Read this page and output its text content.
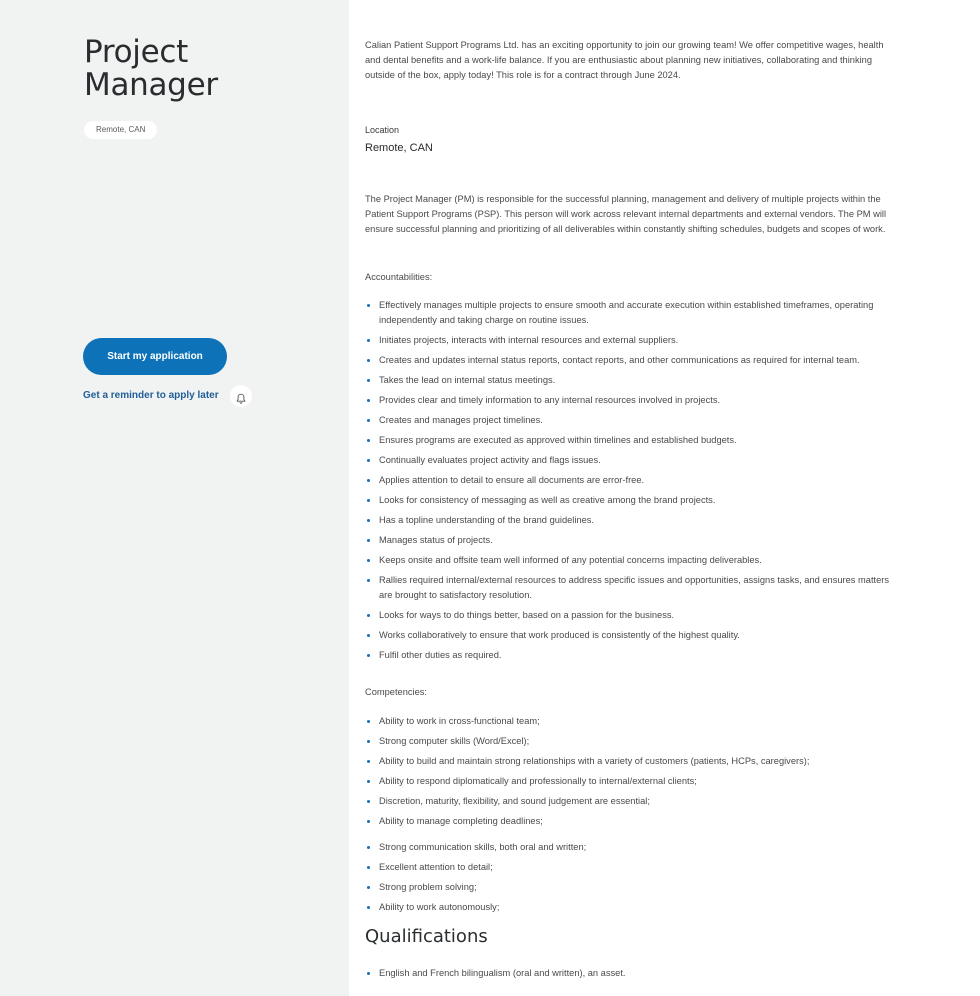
Project Manager
Remote, CAN
Start my application
Get a reminder to apply later

Calian Patient Support Programs Ltd. has an exciting opportunity to join our growing team! We offer competitive wages, health and dental benefits and a work-life balance. If you are enthusiastic about planning new initiatives, collaborating and thinking outside of the box, apply today! This role is for a contract through June 2024.

Location

Remote, CAN

The Project Manager (PM) is responsible for the successful planning, management and delivery of multiple projects within the Patient Support Programs (PSP). This person will work across relevant internal departments and external vendors. The PM will ensure successful planning and prioritizing of all deliverables within constantly shifting schedules, budgets and scopes of work.

Accountabilities:

Effectively manages multiple projects to ensure smooth and accurate execution within established timeframes, operating independently and taking charge on routine issues.
Initiates projects, interacts with internal resources and external suppliers.
Creates and updates internal status reports, contact reports, and other communications as required for internal team.
Takes the lead on internal status meetings.
Provides clear and timely information to any internal resources involved in projects.
Creates and manages project timelines.
Ensures programs are executed as approved within timelines and established budgets.
Continually evaluates project activity and flags issues.
Applies attention to detail to ensure all documents are error-free.
Looks for consistency of messaging as well as creative among the brand projects.
Has a topline understanding of the brand guidelines.
Manages status of projects.
Keeps onsite and offsite team well informed of any potential concerns impacting deliverables.
Rallies required internal/external resources to address specific issues and opportunities, assigns tasks, and ensures matters are brought to satisfactory resolution.
Looks for ways to do things better, based on a passion for the business.
Works collaboratively to ensure that work produced is consistently of the highest quality.
Fulfil other duties as required.

Competencies:

Ability to work in cross-functional team;
Strong computer skills (Word/Excel);
Ability to build and maintain strong relationships with a variety of customers (patients, HCPs, caregivers);
Ability to respond diplomatically and professionally to internal/external clients;
Discretion, maturity, flexibility, and sound judgement are essential;
Ability to manage completing deadlines;
Strong communication skills, both oral and written;
Excellent attention to detail;
Strong problem solving;
Ability to work autonomously;
Qualifications
English and French bilingualism (oral and written), an asset.
